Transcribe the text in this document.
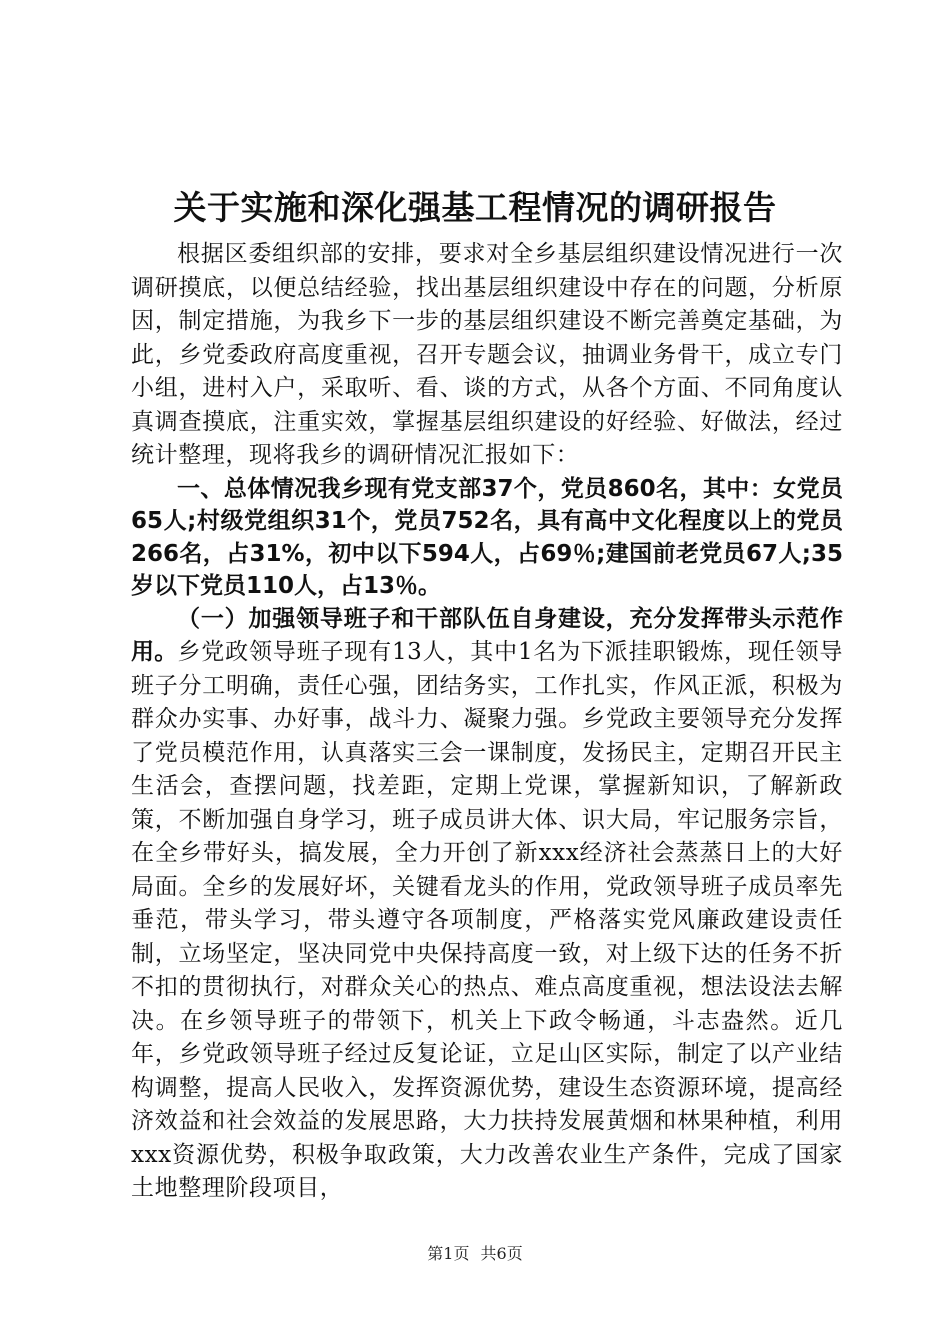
关于实施和深化强基工程情况的调研报告

根据区委组织部的安排，要求对全乡基层组织建设情况进行一次调研摸底，以便总结经验，找出基层组织建设中存在的问题，分析原因，制定措施，为我乡下一步的基层组织建设不断完善奠定基础，为此，乡党委政府高度重视，召开专题会议，抽调业务骨干，成立专门小组，进村入户，采取听、看、谈的方式，从各个方面、不同角度认真调查摸底，注重实效，掌握基层组织建设的好经验、好做法，经过统计整理，现将我乡的调研情况汇报如下：

一、总体情况我乡现有党支部37个，党员860名，其中：女党员65人;村级党组织31个，党员752名，具有高中文化程度以上的党员266名，占31%，初中以下594人，占69％;建国前老党员67人;35岁以下党员110人，占13％。

（一）加强领导班子和干部队伍自身建设，充分发挥带头示范作用。乡党政领导班子现有13人，其中1名为下派挂职锻炼，现任领导班子分工明确，责任心强，团结务实，工作扎实，作风正派，积极为群众办实事、办好事，战斗力、凝聚力强。乡党政主要领导充分发挥了党员模范作用，认真落实三会一课制度，发扬民主，定期召开民主生活会，查摆问题，找差距，定期上党课，掌握新知识，了解新政策，不断加强自身学习，班子成员讲大体、识大局，牢记服务宗旨，在全乡带好头，搞发展，全力开创了新xxx经济社会蒸蒸日上的大好局面。全乡的发展好坏，关键看龙头的作用，党政领导班子成员率先垂范，带头学习，带头遵守各项制度，严格落实党风廉政建设责任制，立场坚定，坚决同党中央保持高度一致，对上级下达的任务不折不扣的贯彻执行，对群众关心的热点、难点高度重视，想法设法去解决。在乡领导班子的带领下，机关上下政令畅通，斗志盎然。近几年，乡党政领导班子经过反复论证，立足山区实际，制定了以产业结构调整，提高人民收入，发挥资源优势，建设生态资源环境，提高经济效益和社会效益的发展思路，大力扶持发展黄烟和林果种植，利用xxx资源优势，积极争取政策，大力改善农业生产条件，完成了国家土地整理阶段项目，

第1页 共6页
